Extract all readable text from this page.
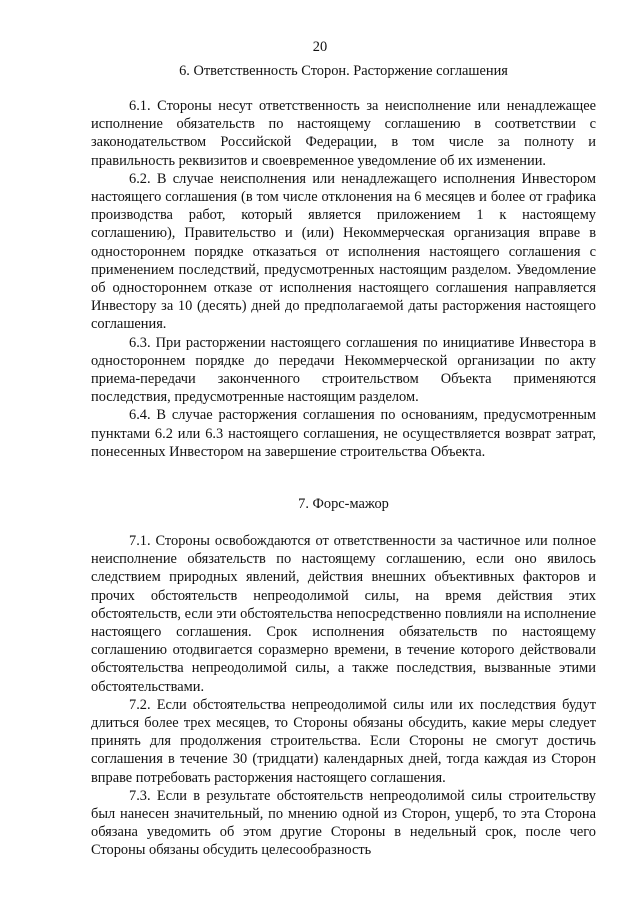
20
6. Ответственность Сторон. Расторжение соглашения

6.1. Стороны несут ответственность за неисполнение или ненадлежащее исполнение обязательств по настоящему соглашению в соответствии с законодательством Российской Федерации, в том числе за полноту и правильность реквизитов и своевременное уведомление об их изменении.

6.2. В случае неисполнения или ненадлежащего исполнения Инвестором настоящего соглашения (в том числе отклонения на 6 месяцев и более от графика производства работ, который является приложением 1 к настоящему соглашению), Правительство и (или) Некоммерческая организация вправе в одностороннем порядке отказаться от исполнения настоящего соглашения с применением последствий, предусмотренных настоящим разделом. Уведомление об одностороннем отказе от исполнения настоящего соглашения направляется Инвестору за 10 (десять) дней до предполагаемой даты расторжения настоящего соглашения.

6.3. При расторжении настоящего соглашения по инициативе Инвестора в одностороннем порядке до передачи Некоммерческой организации по акту приема-передачи законченного строительством Объекта применяются последствия, предусмотренные настоящим разделом.

6.4. В случае расторжения соглашения по основаниям, предусмотренным пунктами 6.2 или 6.3 настоящего соглашения, не осуществляется возврат затрат, понесенных Инвестором на завершение строительства Объекта.

7. Форс-мажор

7.1. Стороны освобождаются от ответственности за частичное или полное неисполнение обязательств по настоящему соглашению, если оно явилось следствием природных явлений, действия внешних объективных факторов и прочих обстоятельств непреодолимой силы, на время действия этих обстоятельств, если эти обстоятельства непосредственно повлияли на исполнение настоящего соглашения. Срок исполнения обязательств по настоящему соглашению отодвигается соразмерно времени, в течение которого действовали обстоятельства непреодолимой силы, а также последствия, вызванные этими обстоятельствами.

7.2. Если обстоятельства непреодолимой силы или их последствия будут длиться более трех месяцев, то Стороны обязаны обсудить, какие меры следует принять для продолжения строительства. Если Стороны не смогут достичь соглашения в течение 30 (тридцати) календарных дней, тогда каждая из Сторон вправе потребовать расторжения настоящего соглашения.

7.3. Если в результате обстоятельств непреодолимой силы строительству был нанесен значительный, по мнению одной из Сторон, ущерб, то эта Сторона обязана уведомить об этом другие Стороны в недельный срок, после чего Стороны обязаны обсудить целесообразность
